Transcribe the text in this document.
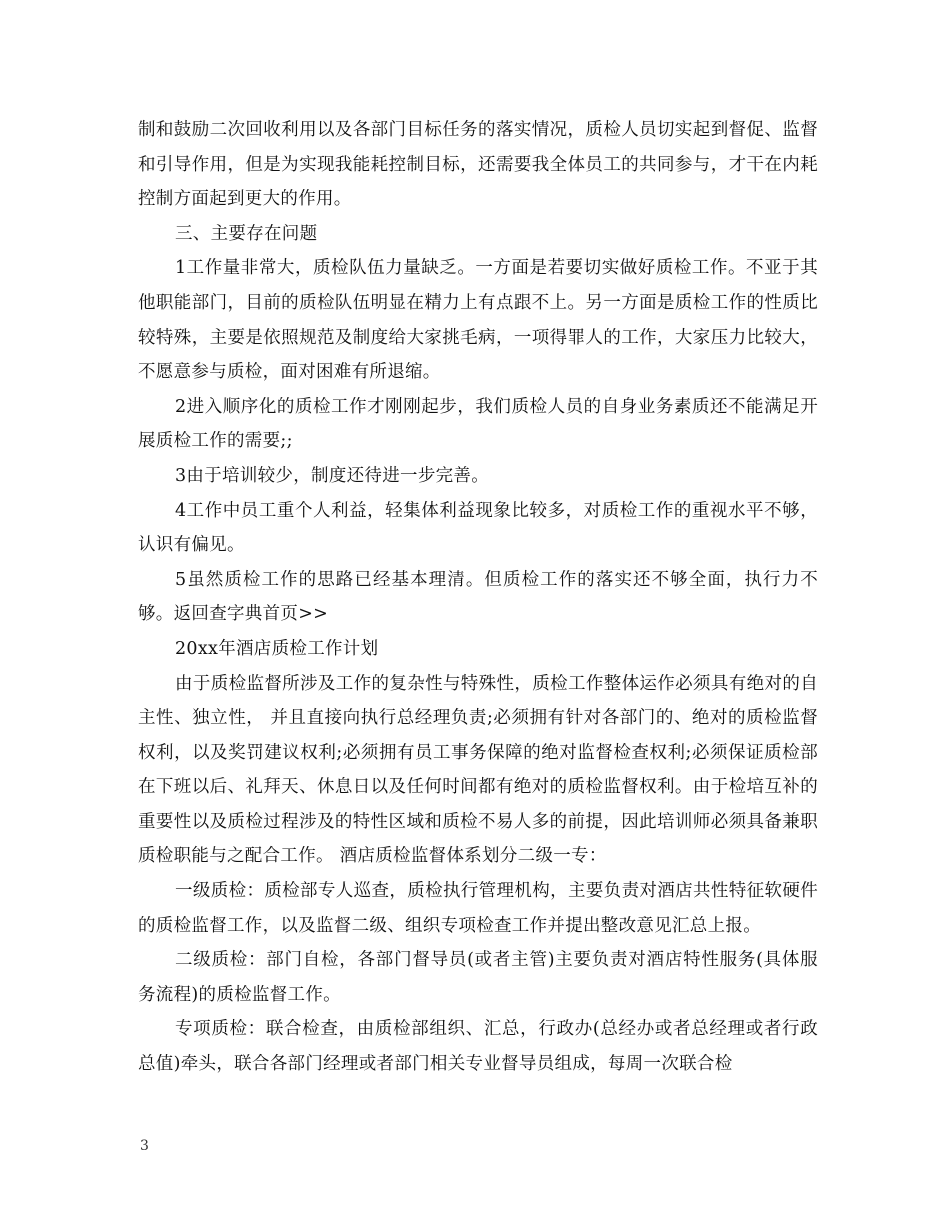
制和鼓励二次回收利用以及各部门目标任务的落实情况，质检人员切实起到督促、监督和引导作用，但是为实现我能耗控制目标，还需要我全体员工的共同参与，才干在内耗控制方面起到更大的作用。

三、主要存在问题

1工作量非常大，质检队伍力量缺乏。一方面是若要切实做好质检工作。不亚于其他职能部门，目前的质检队伍明显在精力上有点跟不上。另一方面是质检工作的性质比较特殊，主要是依照规范及制度给大家挑毛病，一项得罪人的工作，大家压力比较大，不愿意参与质检，面对困难有所退缩。

2进入顺序化的质检工作才刚刚起步，我们质检人员的自身业务素质还不能满足开展质检工作的需要;;

3由于培训较少，制度还待进一步完善。

4工作中员工重个人利益，轻集体利益现象比较多，对质检工作的重视水平不够，认识有偏见。

5虽然质检工作的思路已经基本理清。但质检工作的落实还不够全面，执行力不够。返回查字典首页>>

20xx年酒店质检工作计划

由于质检监督所涉及工作的复杂性与特殊性，质检工作整体运作必须具有绝对的自主性、独立性， 并且直接向执行总经理负责;必须拥有针对各部门的、绝对的质检监督权利，以及奖罚建议权利;必须拥有员工事务保障的绝对监督检查权利;必须保证质检部在下班以后、礼拜天、休息日以及任何时间都有绝对的质检监督权利。由于检培互补的重要性以及质检过程涉及的特性区域和质检不易人多的前提，因此培训师必须具备兼职质检职能与之配合工作。 酒店质检监督体系划分二级一专：

一级质检：质检部专人巡查，质检执行管理机构，主要负责对酒店共性特征软硬件的质检监督工作，以及监督二级、组织专项检查工作并提出整改意见汇总上报。

二级质检：部门自检，各部门督导员(或者主管)主要负责对酒店特性服务(具体服务流程)的质检监督工作。

专项质检：联合检查，由质检部组织、汇总，行政办(总经办或者总经理或者行政总值)牵头，联合各部门经理或者部门相关专业督导员组成，每周一次联合检

3
